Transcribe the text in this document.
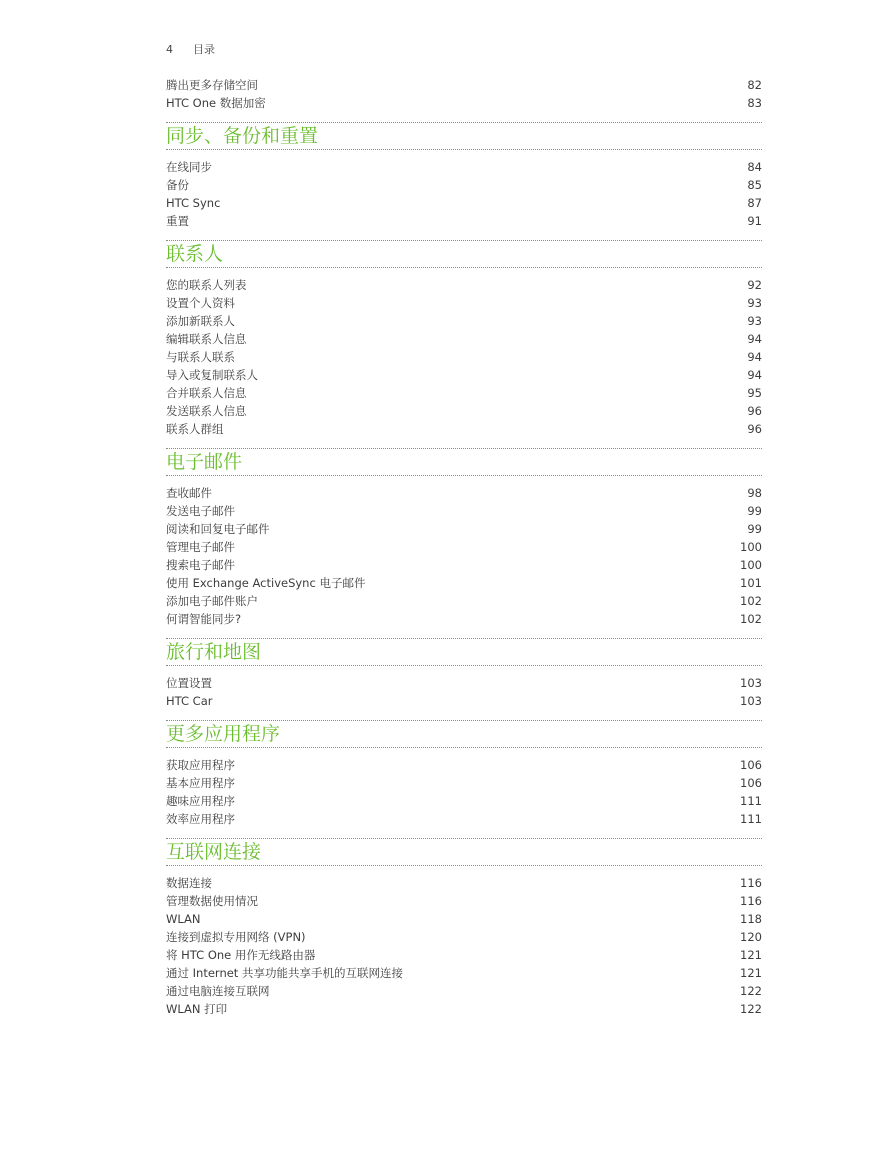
4 目录
腾出更多存储空间	82
HTC One 数据加密	83
同步、备份和重置
在线同步	84
备份	85
HTC Sync	87
重置	91
联系人
您的联系人列表	92
设置个人资料	93
添加新联系人	93
编辑联系人信息	94
与联系人联系	94
导入或复制联系人	94
合并联系人信息	95
发送联系人信息	96
联系人群组	96
电子邮件
查收邮件	98
发送电子邮件	99
阅读和回复电子邮件	99
管理电子邮件	100
搜索电子邮件	100
使用 Exchange ActiveSync 电子邮件	101
添加电子邮件账户	102
何谓智能同步?	102
旅行和地图
位置设置	103
HTC Car	103
更多应用程序
获取应用程序	106
基本应用程序	106
趣味应用程序	111
效率应用程序	111
互联网连接
数据连接	116
管理数据使用情况	116
WLAN	118
连接到虚拟专用网络 (VPN)	120
将 HTC One 用作无线路由器	121
通过 Internet 共享功能共享手机的互联网连接	121
通过电脑连接互联网	122
WLAN 打印	122
